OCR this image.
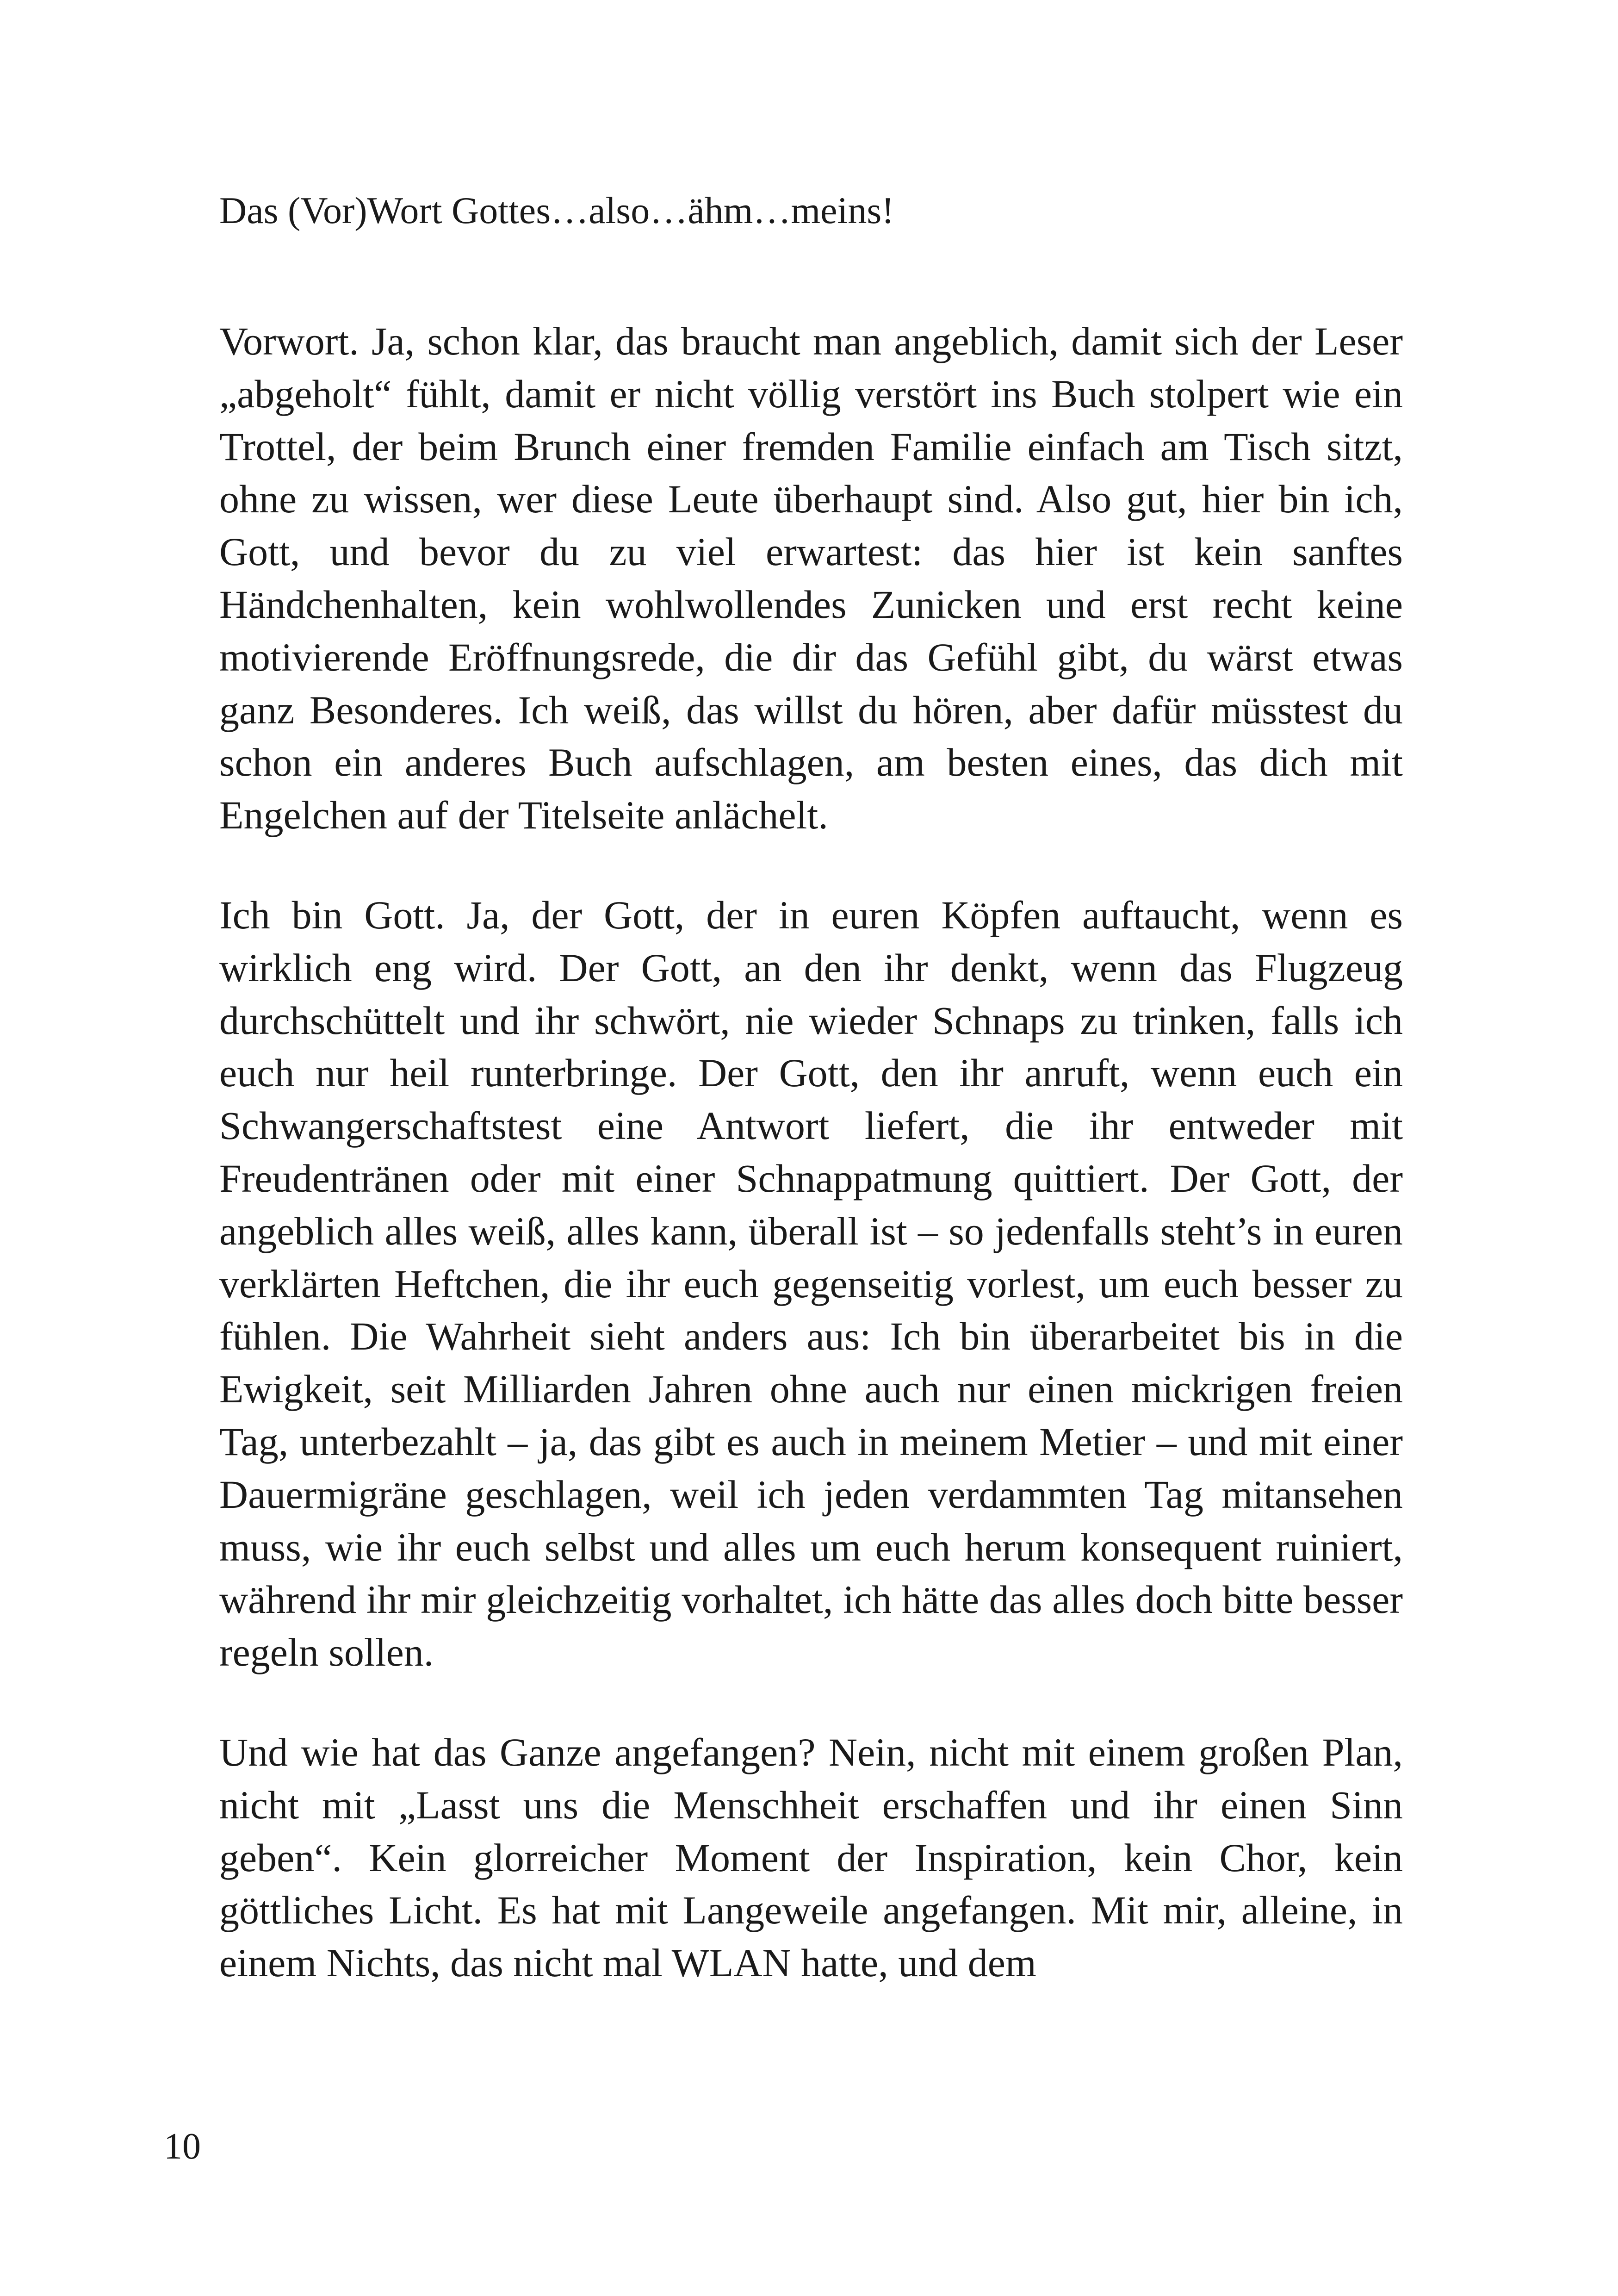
Das (Vor)Wort Gottes…also…ähm…meins!

Vorwort. Ja, schon klar, das braucht man angeblich, damit sich der Leser „abgeholt“ fühlt, damit er nicht völlig verstört ins Buch stolpert wie ein Trottel, der beim Brunch einer fremden Familie einfach am Tisch sitzt, ohne zu wissen, wer diese Leute überhaupt sind. Also gut, hier bin ich, Gott, und bevor du zu viel erwartest: das hier ist kein sanftes Händchenhalten, kein wohlwollendes Zunicken und erst recht keine motivierende Eröffnungsrede, die dir das Gefühl gibt, du wärst etwas ganz Besonderes. Ich weiß, das willst du hören, aber dafür müsstest du schon ein anderes Buch aufschlagen, am besten eines, das dich mit Engelchen auf der Titelseite anlächelt.

Ich bin Gott. Ja, der Gott, der in euren Köpfen auftaucht, wenn es wirklich eng wird. Der Gott, an den ihr denkt, wenn das Flugzeug durchschüttelt und ihr schwört, nie wieder Schnaps zu trinken, falls ich euch nur heil runterbringe. Der Gott, den ihr anruft, wenn euch ein Schwangerschaftstest eine Antwort liefert, die ihr entweder mit Freudentränen oder mit einer Schnappatmung quittiert. Der Gott, der angeblich alles weiß, alles kann, überall ist – so jedenfalls steht’s in euren verklärten Heftchen, die ihr euch gegenseitig vorlest, um euch besser zu fühlen. Die Wahrheit sieht anders aus: Ich bin überarbeitet bis in die Ewigkeit, seit Milliarden Jahren ohne auch nur einen mickrigen freien Tag, unterbezahlt – ja, das gibt es auch in meinem Metier – und mit einer Dauermigräne geschlagen, weil ich jeden verdammten Tag mitansehen muss, wie ihr euch selbst und alles um euch herum konsequent ruiniert, während ihr mir gleichzeitig vorhaltet, ich hätte das alles doch bitte besser regeln sollen.

Und wie hat das Ganze angefangen? Nein, nicht mit einem großen Plan, nicht mit „Lasst uns die Menschheit erschaffen und ihr einen Sinn geben“. Kein glorreicher Moment der Inspiration, kein Chor, kein göttliches Licht. Es hat mit Langeweile angefangen. Mit mir, alleine, in einem Nichts, das nicht mal WLAN hatte, und dem

10
